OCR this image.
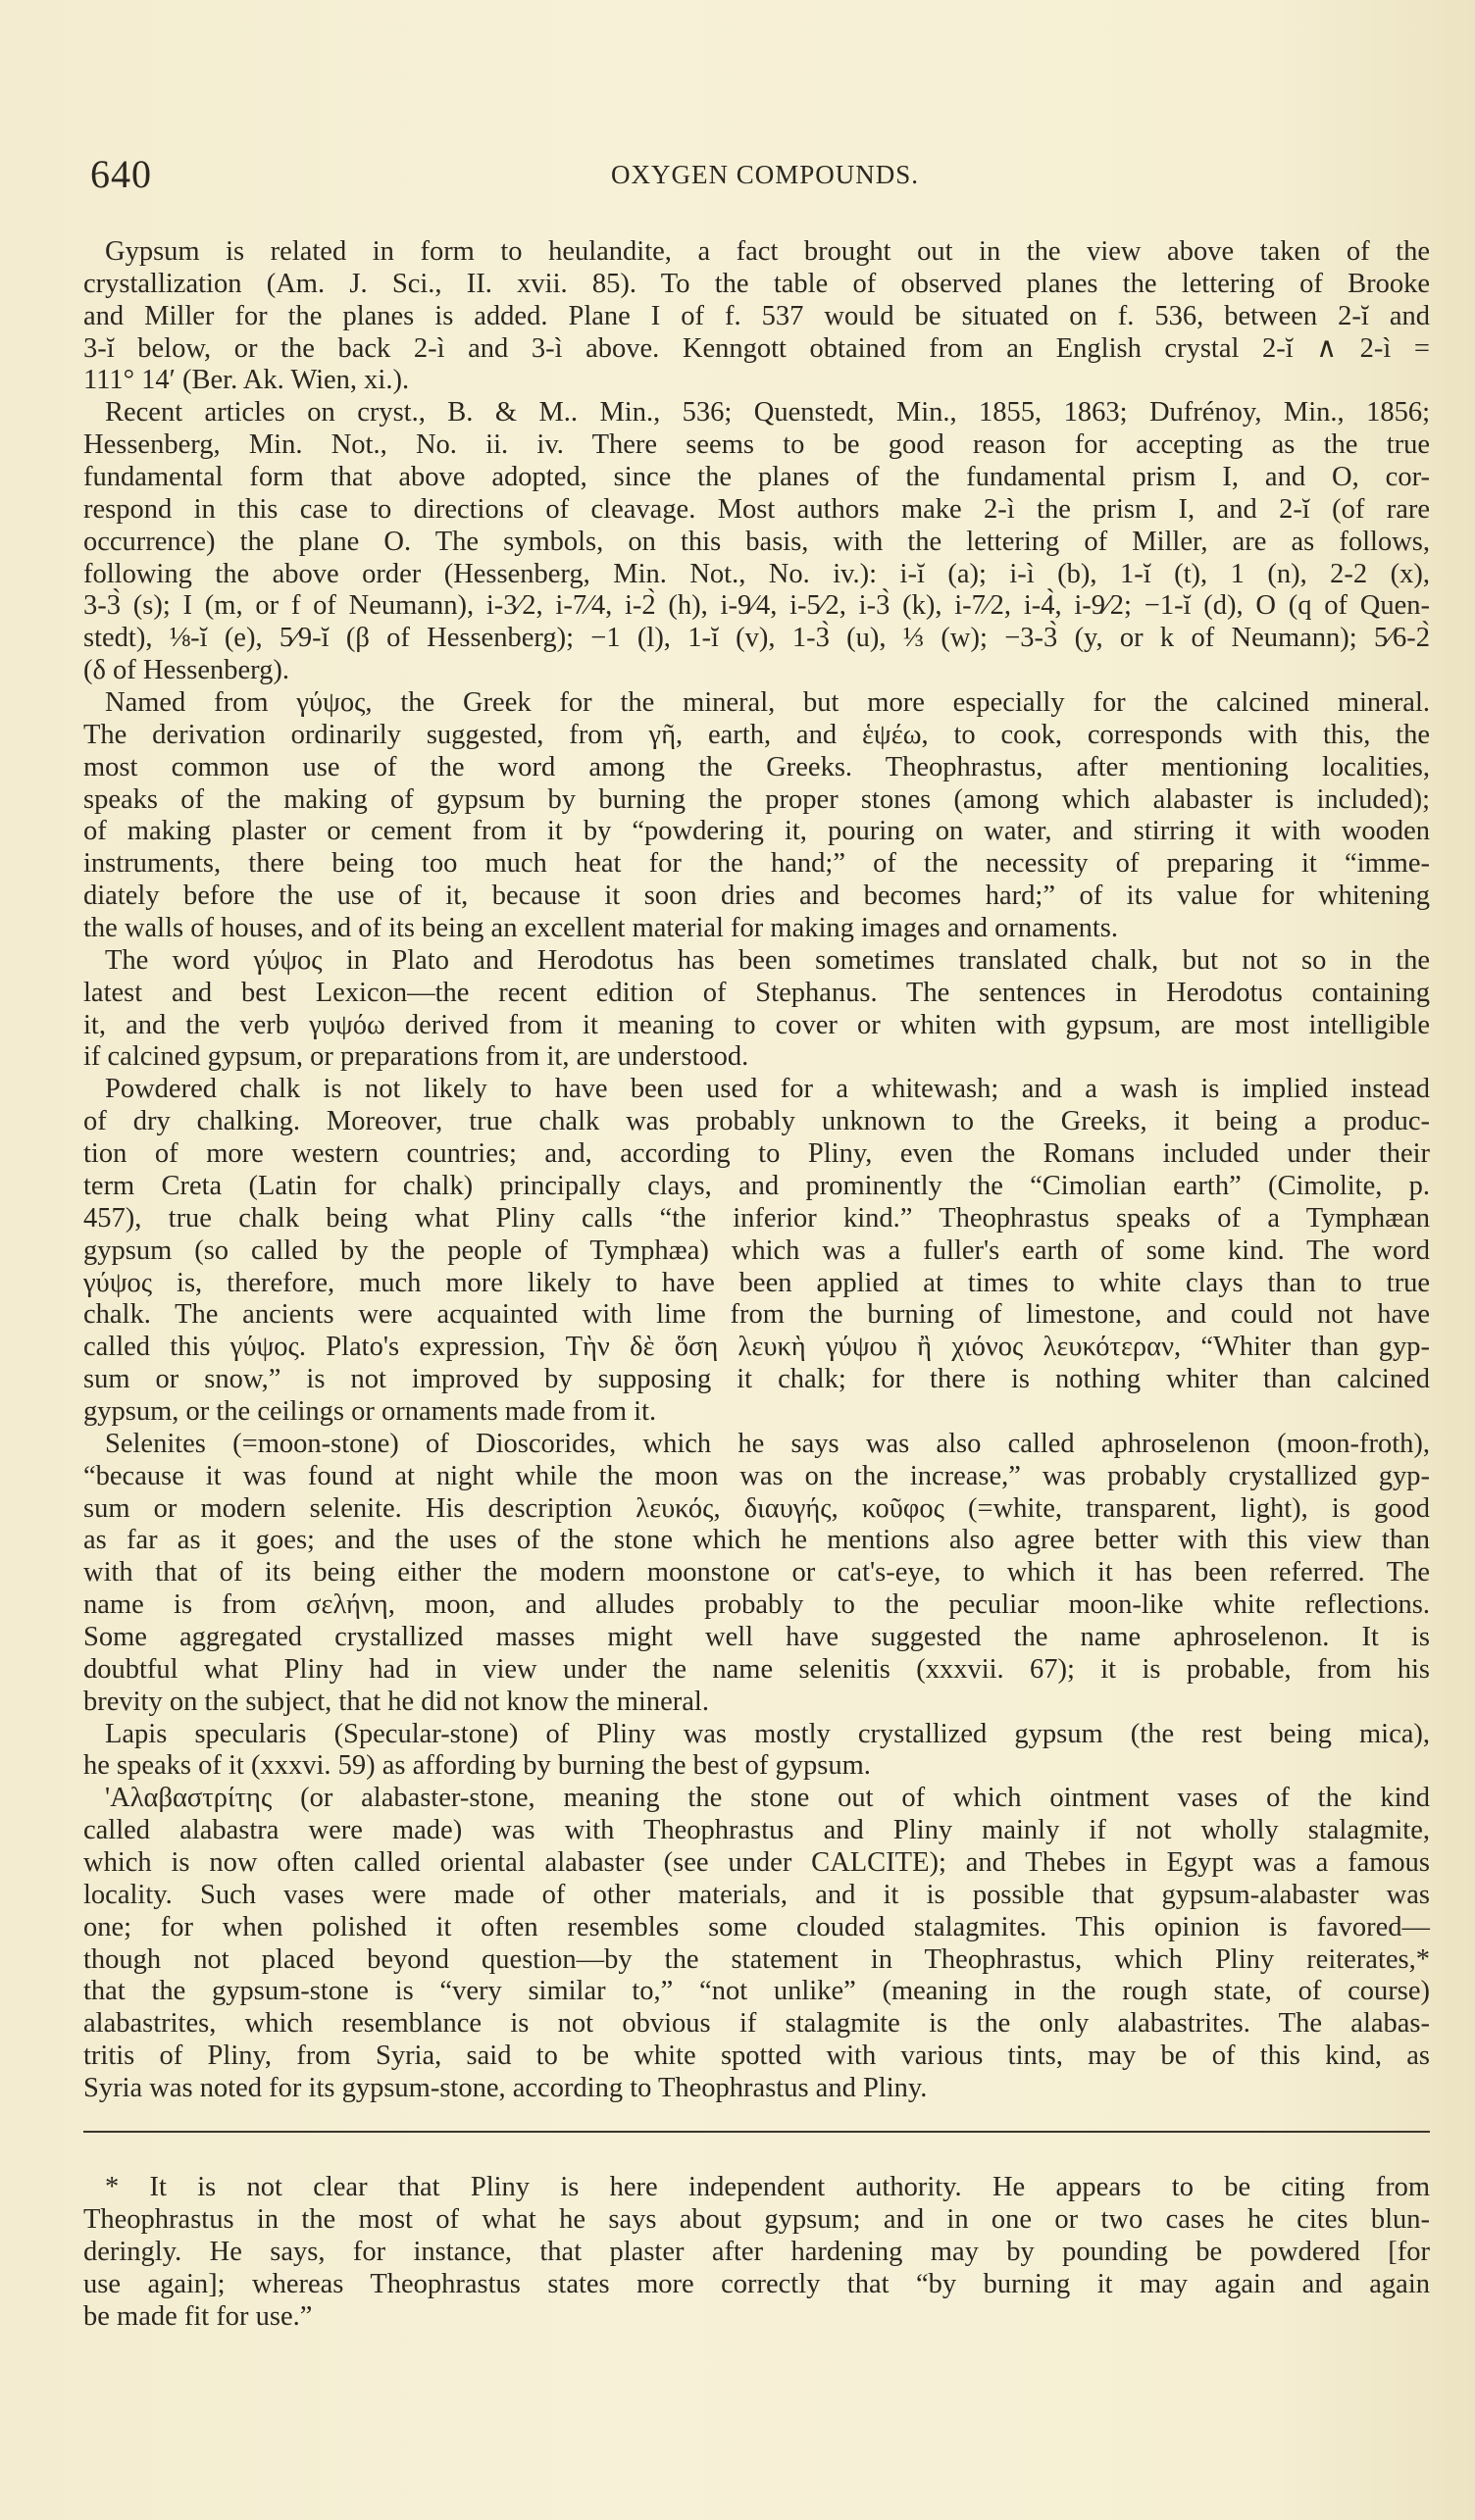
640	OXYGEN COMPOUNDS.
Gypsum is related in form to heulandite, a fact brought out in the view above taken of the
crystallization (Am. J. Sci., II. xvii. 85). To the table of observed planes the lettering of Brooke
and Miller for the planes is added. Plane I of f. 537 would be situated on f. 536, between 2-ĭ and
3-ĭ below, or the back 2-ì and 3-ì above. Kenngott obtained from an English crystal 2-ĭ ∧ 2-ì =
111° 14′ (Ber. Ak. Wien, xi.).
Recent articles on cryst., B. & M.. Min., 536; Quenstedt, Min., 1855, 1863; Dufrénoy, Min., 1856;
Hessenberg, Min. Not., No. ii. iv. There seems to be good reason for accepting as the true
fundamental form that above adopted, since the planes of the fundamental prism I, and O, cor-
respond in this case to directions of cleavage. Most authors make 2-ì the prism I, and 2-ĭ (of rare
occurrence) the plane O. The symbols, on this basis, with the lettering of Miller, are as follows,
following the above order (Hessenberg, Min. Not., No. iv.): i-ĭ (a); i-ì (b), 1-ĭ (t), 1 (n), 2-2 (x),
3-3̀ (s); I (m, or f of Neumann), i-3⁄2, i-7⁄4, i-2̀ (h), i-9⁄4, i-5⁄2, i-3̀ (k), i-7⁄2, i-4̀, i-9⁄2; −1-ĭ (d), O (q of Quen-
stedt), ⅛-ĭ (e), 5⁄9-ĭ (β of Hessenberg); −1 (l), 1-ĭ (v), 1-3̀ (u), ⅓ (w); −3-3̀ (y, or k of Neumann); 5⁄6-2̀
(δ of Hessenberg).
Named from γύψος, the Greek for the mineral, but more especially for the calcined mineral.
The derivation ordinarily suggested, from γῆ, earth, and ἑψέω, to cook, corresponds with this, the
most common use of the word among the Greeks. Theophrastus, after mentioning localities,
speaks of the making of gypsum by burning the proper stones (among which alabaster is included);
of making plaster or cement from it by “powdering it, pouring on water, and stirring it with wooden
instruments, there being too much heat for the hand;” of the necessity of preparing it “imme-
diately before the use of it, because it soon dries and becomes hard;” of its value for whitening
the walls of houses, and of its being an excellent material for making images and ornaments.
The word γύψος in Plato and Herodotus has been sometimes translated chalk, but not so in the
latest and best Lexicon—the recent edition of Stephanus. The sentences in Herodotus containing
it, and the verb γυψόω derived from it meaning to cover or whiten with gypsum, are most intelligible
if calcined gypsum, or preparations from it, are understood.
Powdered chalk is not likely to have been used for a whitewash; and a wash is implied instead
of dry chalking. Moreover, true chalk was probably unknown to the Greeks, it being a produc-
tion of more western countries; and, according to Pliny, even the Romans included under their
term Creta (Latin for chalk) principally clays, and prominently the “Cimolian earth” (Cimolite, p.
457), true chalk being what Pliny calls “the inferior kind.” Theophrastus speaks of a Tymphæan
gypsum (so called by the people of Tymphæa) which was a fuller's earth of some kind. The word
γύψος is, therefore, much more likely to have been applied at times to white clays than to true
chalk. The ancients were acquainted with lime from the burning of limestone, and could not have
called this γύψος. Plato's expression, Τὴν δὲ ὅση λευκὴ γύψου ἢ χιόνος λευκότεραν, “Whiter than gyp-
sum or snow,” is not improved by supposing it chalk; for there is nothing whiter than calcined
gypsum, or the ceilings or ornaments made from it.
Selenites (=moon-stone) of Dioscorides, which he says was also called aphroselenon (moon-froth),
“because it was found at night while the moon was on the increase,” was probably crystallized gyp-
sum or modern selenite. His description λευκός, διαυγής, κοῦφος (=white, transparent, light), is good
as far as it goes; and the uses of the stone which he mentions also agree better with this view than
with that of its being either the modern moonstone or cat's-eye, to which it has been referred. The
name is from σελήνη, moon, and alludes probably to the peculiar moon-like white reflections.
Some aggregated crystallized masses might well have suggested the name aphroselenon. It is
doubtful what Pliny had in view under the name selenitis (xxxvii. 67); it is probable, from his
brevity on the subject, that he did not know the mineral.
Lapis specularis (Specular-stone) of Pliny was mostly crystallized gypsum (the rest being mica),
he speaks of it (xxxvi. 59) as affording by burning the best of gypsum.
'Αλαβαστρίτης (or alabaster-stone, meaning the stone out of which ointment vases of the kind
called alabastra were made) was with Theophrastus and Pliny mainly if not wholly stalagmite,
which is now often called oriental alabaster (see under CALCITE); and Thebes in Egypt was a famous
locality. Such vases were made of other materials, and it is possible that gypsum-alabaster was
one; for when polished it often resembles some clouded stalagmites. This opinion is favored—
though not placed beyond question—by the statement in Theophrastus, which Pliny reiterates,*
that the gypsum-stone is “very similar to,” “not unlike” (meaning in the rough state, of course)
alabastrites, which resemblance is not obvious if stalagmite is the only alabastrites. The alabas-
tritis of Pliny, from Syria, said to be white spotted with various tints, may be of this kind, as
Syria was noted for its gypsum-stone, according to Theophrastus and Pliny.
* It is not clear that Pliny is here independent authority. He appears to be citing from
Theophrastus in the most of what he says about gypsum; and in one or two cases he cites blun-
deringly. He says, for instance, that plaster after hardening may by pounding be powdered [for
use again]; whereas Theophrastus states more correctly that “by burning it may again and again
be made fit for use.”
